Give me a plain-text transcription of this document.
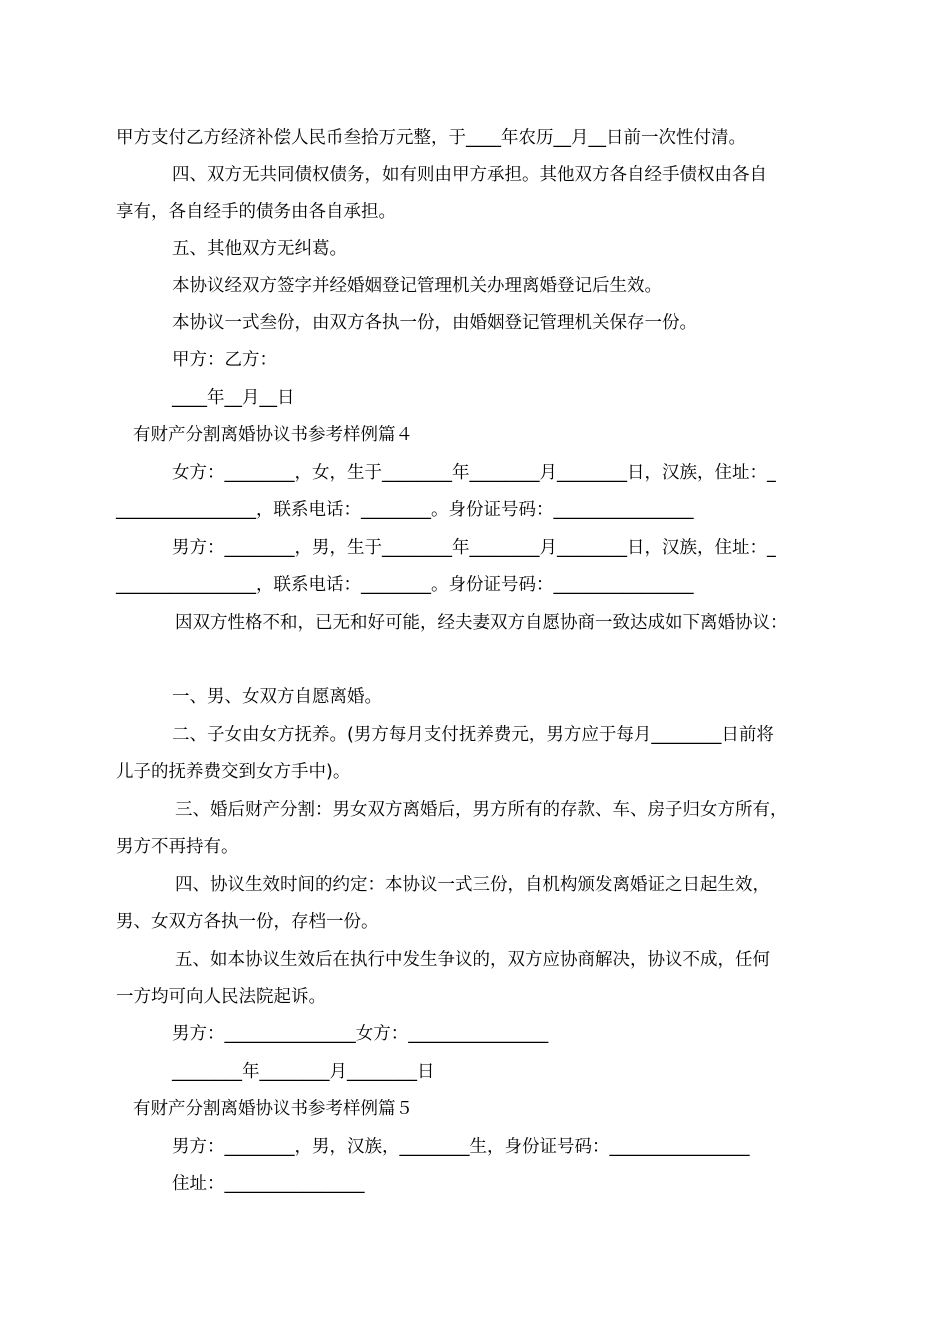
甲方支付乙方经济补偿人民币叁拾万元整，于____年农历__月__日前一次性付清。
四、双方无共同债权债务，如有则由甲方承担。其他双方各自经手债权由各自
享有，各自经手的债务由各自承担。
五、其他双方无纠葛。
本协议经双方签字并经婚姻登记管理机关办理离婚登记后生效。
本协议一式叁份，由双方各执一份，由婚姻登记管理机关保存一份。
甲方：乙方：
____年__月__日
有财产分割离婚协议书参考样例篇４
女方：________，女，生于________年________月________日，汉族，住址：_
________________，联系电话：________。身份证号码：________________
男方：________，男，生于________年________月________日，汉族，住址：_
________________，联系电话：________。身份证号码：________________
因双方性格不和，已无和好可能，经夫妻双方自愿协商一致达成如下离婚协议：
一、男、女双方自愿离婚。
二、子女由女方抚养。(男方每月支付抚养费元，男方应于每月________日前将
儿子的抚养费交到女方手中)。
三、婚后财产分割：男女双方离婚后，男方所有的存款、车、房子归女方所有，
男方不再持有。
四、协议生效时间的约定：本协议一式三份，自机构颁发离婚证之日起生效，
男、女双方各执一份，存档一份。
五、如本协议生效后在执行中发生争议的，双方应协商解决，协议不成，任何
一方均可向人民法院起诉。
男方：_______________女方：________________
________年________月________日
有财产分割离婚协议书参考样例篇５
男方：________，男，汉族，________生，身份证号码：________________
住址：________________
